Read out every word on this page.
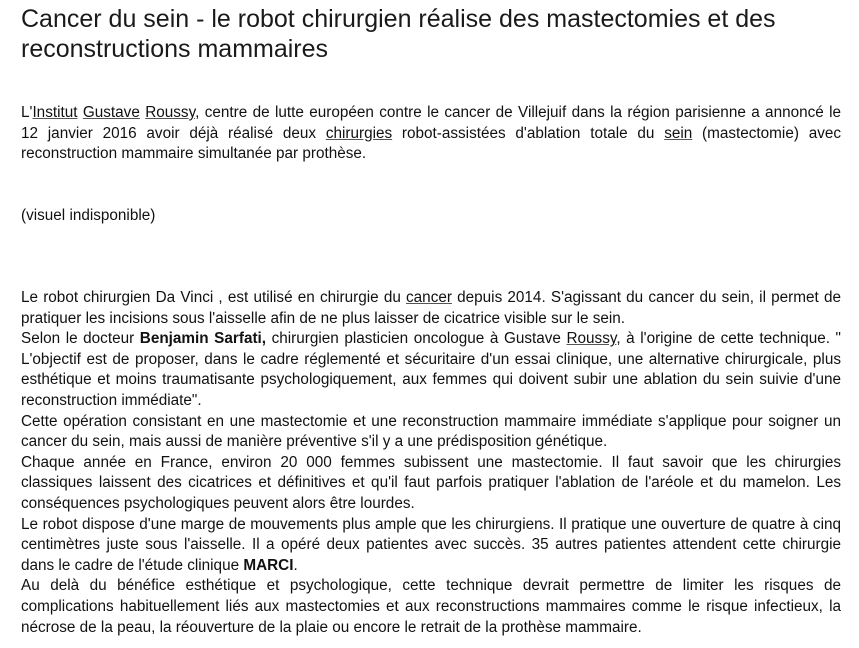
Cancer du sein - le robot chirurgien réalise des mastectomies et des reconstructions mammaires

L'Institut Gustave Roussy, centre de lutte européen contre le cancer de Villejuif dans la région parisienne a annoncé le 12 janvier 2016 avoir déjà réalisé deux chirurgies robot-assistées d'ablation totale du sein (mastectomie) avec reconstruction mammaire simultanée par prothèse.

(visuel indisponible)

Le robot chirurgien Da Vinci , est utilisé en chirurgie du cancer depuis 2014. S'agissant du cancer du sein, il permet de pratiquer les incisions sous l'aisselle afin de ne plus laisser de cicatrice visible sur le sein.

Selon le docteur Benjamin Sarfati, chirurgien plasticien oncologue à Gustave Roussy, à l'origine de cette technique. " L'objectif est de proposer, dans le cadre réglementé et sécuritaire d'un essai clinique, une alternative chirurgicale, plus esthétique et moins traumatisante psychologiquement, aux femmes qui doivent subir une ablation du sein suivie d'une reconstruction immédiate".

Cette opération consistant en une mastectomie et une reconstruction mammaire immédiate s'applique pour soigner un cancer du sein, mais aussi de manière préventive s'il y a une prédisposition génétique.

Chaque année en France, environ 20 000 femmes subissent une mastectomie. Il faut savoir que les chirurgies classiques laissent des cicatrices et définitives et qu'il faut parfois pratiquer l'ablation de l'aréole et du mamelon. Les conséquences psychologiques peuvent alors être lourdes.

Le robot dispose d'une marge de mouvements plus ample que les chirurgiens. Il pratique une ouverture de quatre à cinq centimètres juste sous l'aisselle. Il a opéré deux patientes avec succès. 35 autres patientes attendent cette chirurgie dans le cadre de l'étude clinique MARCI.

Au delà du bénéfice esthétique et psychologique, cette technique devrait permettre de limiter les risques de complications habituellement liés aux mastectomies et aux reconstructions mammaires comme le risque infectieux, la nécrose de la peau, la réouverture de la plaie ou encore le retrait de la prothèse mammaire.
